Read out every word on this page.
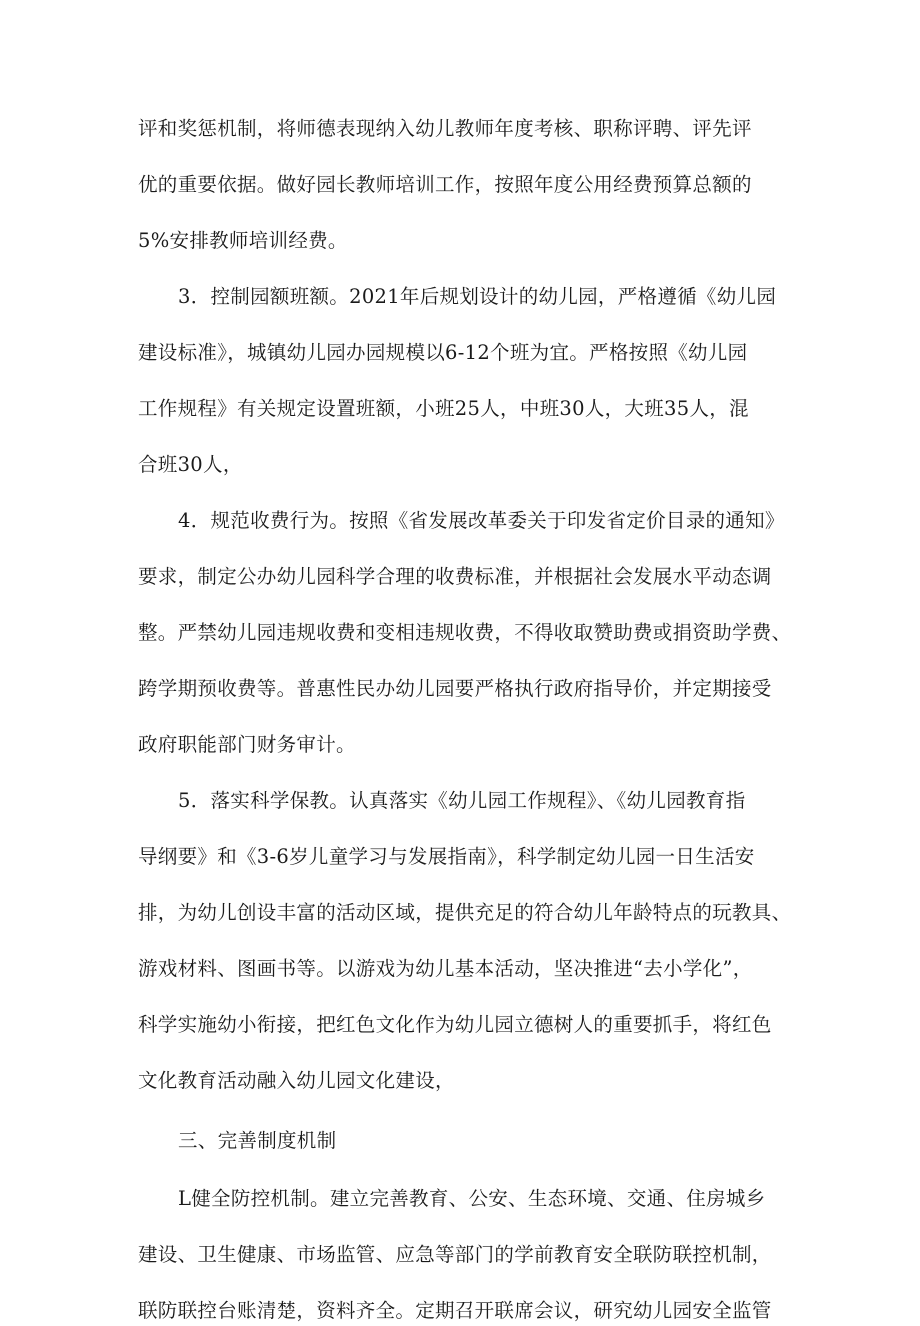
评和奖惩机制，将师德表现纳入幼儿教师年度考核、职称评聘、评先评
优的重要依据。做好园长教师培训工作，按照年度公用经费预算总额的
5%安排教师培训经费。
3．控制园额班额。2021年后规划设计的幼儿园，严格遵循《幼儿园
建设标准》，城镇幼儿园办园规模以6-12个班为宜。严格按照《幼儿园
工作规程》有关规定设置班额，小班25人，中班30人，大班35人，混
合班30人，
4．规范收费行为。按照《省发展改革委关于印发省定价目录的通知》
要求，制定公办幼儿园科学合理的收费标准，并根据社会发展水平动态调
整。严禁幼儿园违规收费和变相违规收费，不得收取赞助费或捐资助学费、
跨学期预收费等。普惠性民办幼儿园要严格执行政府指导价，并定期接受
政府职能部门财务审计。
5．落实科学保教。认真落实《幼儿园工作规程》、《幼儿园教育指
导纲要》和《3-6岁儿童学习与发展指南》，科学制定幼儿园一日生活安
排，为幼儿创设丰富的活动区域，提供充足的符合幼儿年龄特点的玩教具、
游戏材料、图画书等。以游戏为幼儿基本活动，坚决推进“去小学化”，
科学实施幼小衔接，把红色文化作为幼儿园立德树人的重要抓手，将红色
文化教育活动融入幼儿园文化建设，
三、完善制度机制
L健全防控机制。建立完善教育、公安、生态环境、交通、住房城乡
建设、卫生健康、市场监管、应急等部门的学前教育安全联防联控机制，
联防联控台账清楚，资料齐全。定期召开联席会议，研究幼儿园安全监管
